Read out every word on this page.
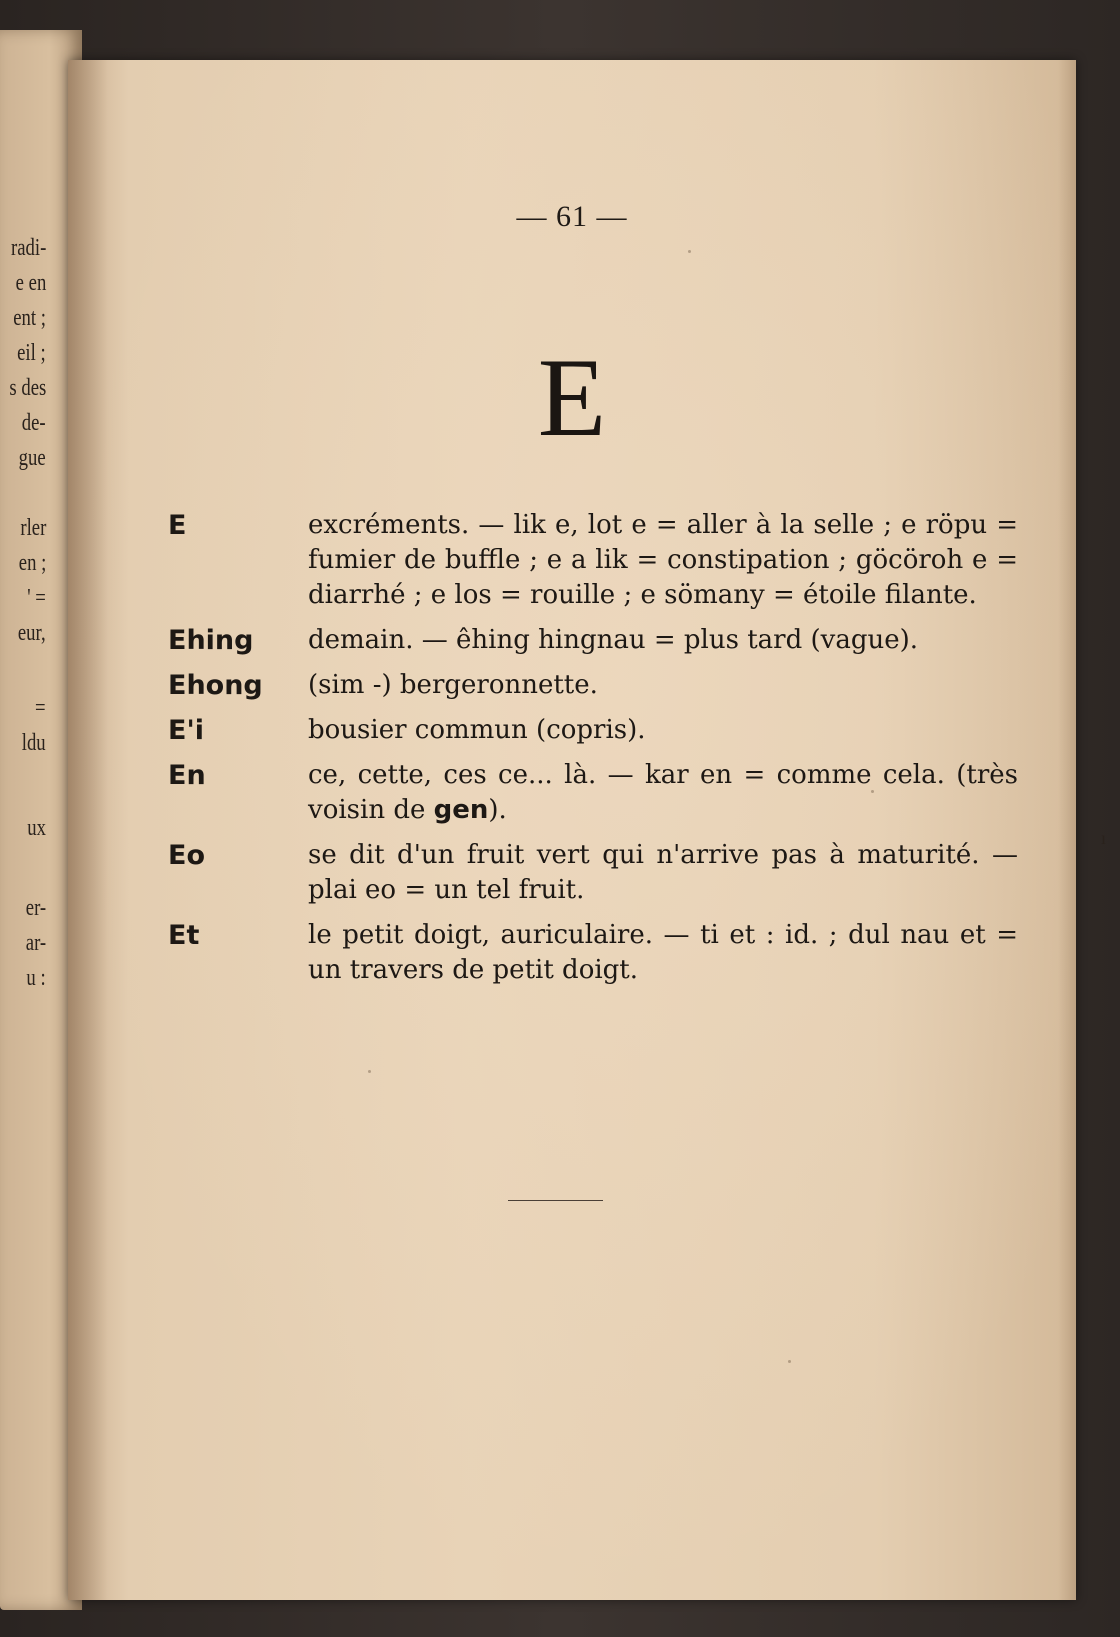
radi-
e en
ent ;
eil ;
s des
de-
gue
rler
en ;
' =
eur,
=
ldu
ux
er-
ar-
u :
— 61 —
E
E	excréments. — lik e, lot e = aller à la selle ; e röpu = fumier de buffle ; e a lik = constipation ; göcöroh e = diarrhé ; e los = rouille ; e sömany = étoile filante.
Ehing	demain. — êhing hingnau = plus tard (vague).
Ehong	(sim -) bergeronnette.
E'i	bousier commun (copris).
En	ce, cette, ces ce... là. — kar en = comme cela. (très voisin de gen).
Eo	se dit d'un fruit vert qui n'arrive pas à maturité. — plai eo = un tel fruit.
Et	le petit doigt, auriculaire. — ti et : id. ; dul nau et = un travers de petit doigt.
ı
